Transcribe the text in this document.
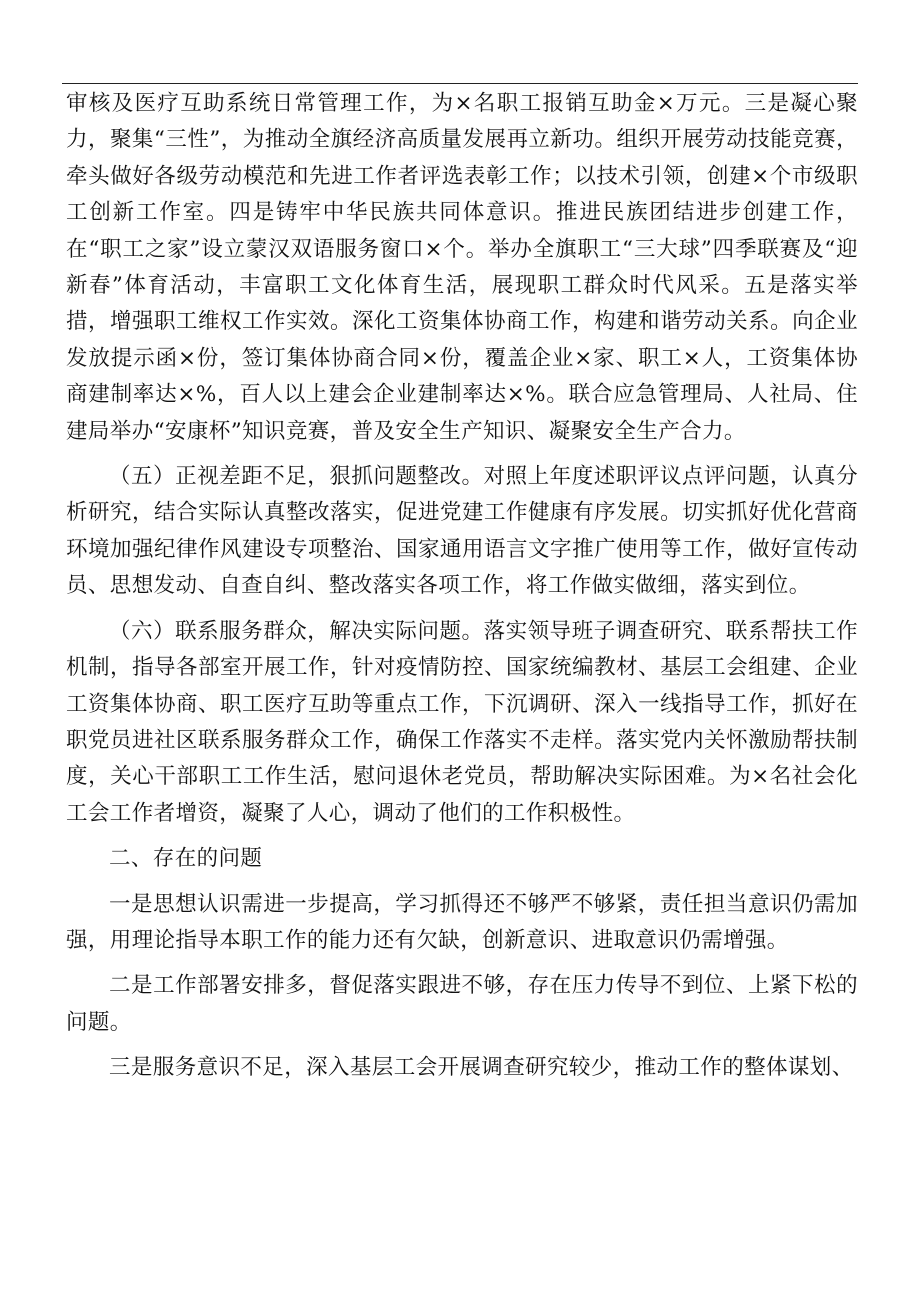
审核及医疗互助系统日常管理工作，为×名职工报销互助金×万元。三是凝心聚力，聚集“三性”，为推动全旗经济高质量发展再立新功。组织开展劳动技能竞赛，牵头做好各级劳动模范和先进工作者评选表彰工作；以技术引领，创建×个市级职工创新工作室。四是铸牢中华民族共同体意识。推进民族团结进步创建工作，在“职工之家”设立蒙汉双语服务窗口×个。举办全旗职工“三大球”四季联赛及“迎新春”体育活动，丰富职工文化体育生活，展现职工群众时代风采。五是落实举措，增强职工维权工作实效。深化工资集体协商工作，构建和谐劳动关系。向企业发放提示函×份，签订集体协商合同×份，覆盖企业×家、职工×人，工资集体协商建制率达×%，百人以上建会企业建制率达×%。联合应急管理局、人社局、住建局举办“安康杯”知识竞赛，普及安全生产知识、凝聚安全生产合力。

（五）正视差距不足，狠抓问题整改。对照上年度述职评议点评问题，认真分析研究，结合实际认真整改落实，促进党建工作健康有序发展。切实抓好优化营商环境加强纪律作风建设专项整治、国家通用语言文字推广使用等工作，做好宣传动员、思想发动、自查自纠、整改落实各项工作，将工作做实做细，落实到位。

（六）联系服务群众，解决实际问题。落实领导班子调查研究、联系帮扶工作机制，指导各部室开展工作，针对疫情防控、国家统编教材、基层工会组建、企业工资集体协商、职工医疗互助等重点工作，下沉调研、深入一线指导工作，抓好在职党员进社区联系服务群众工作，确保工作落实不走样。落实党内关怀激励帮扶制度，关心干部职工工作生活，慰问退休老党员，帮助解决实际困难。为×名社会化工会工作者增资，凝聚了人心，调动了他们的工作积极性。

二、存在的问题

一是思想认识需进一步提高，学习抓得还不够严不够紧，责任担当意识仍需加强，用理论指导本职工作的能力还有欠缺，创新意识、进取意识仍需增强。

二是工作部署安排多，督促落实跟进不够，存在压力传导不到位、上紧下松的问题。

三是服务意识不足，深入基层工会开展调查研究较少，推动工作的整体谋划、
